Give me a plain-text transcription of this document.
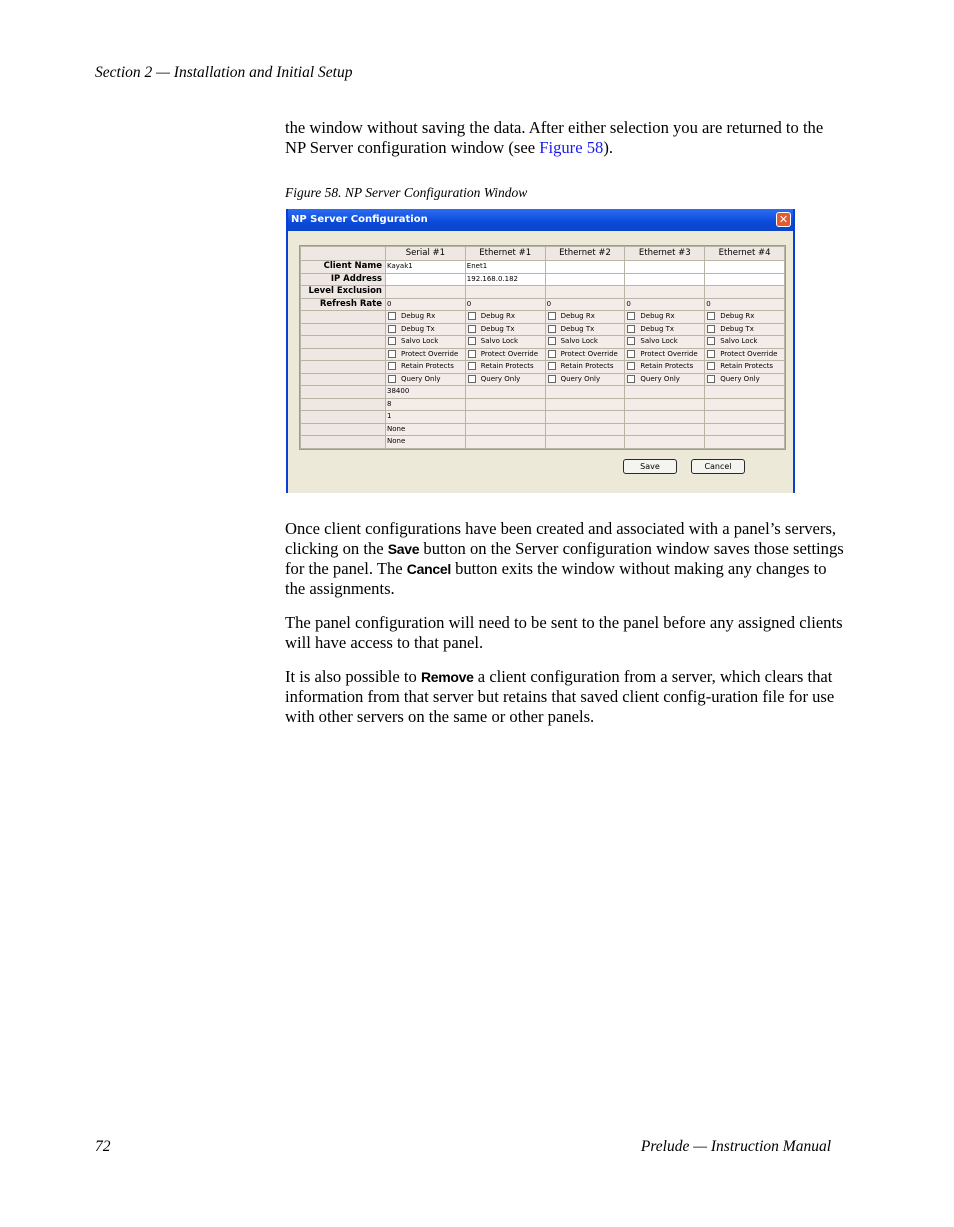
Section 2 — Installation and Initial Setup

the window without saving the data. After either selection you are returned to the NP Server configuration window (see Figure 58).

Figure 58. NP Server Configuration Window
NP Server Configuration	✕
	Serial #1	Ethernet #1	Ethernet #2	Ethernet #3	Ethernet #4
Client Name	Kayak1	Enet1			
IP Address		192.168.0.182			
Level Exclusion					
Refresh Rate	0	0	0	0	0
	Debug Rx	Debug Rx	Debug Rx	Debug Rx	Debug Rx
	Debug Tx	Debug Tx	Debug Tx	Debug Tx	Debug Tx
	Salvo Lock	Salvo Lock	Salvo Lock	Salvo Lock	Salvo Lock
	Protect Override	Protect Override	Protect Override	Protect Override	Protect Override
	Retain Protects	Retain Protects	Retain Protects	Retain Protects	Retain Protects
	Query Only	Query Only	Query Only	Query Only	Query Only
	38400				
	8				
	1				
	None				
	None				
Save	Cancel

Once client configurations have been created and associated with a panel’s servers, clicking on the Save button on the Server configuration window saves those settings for the panel. The Cancel button exits the window without making any changes to the assignments.

The panel configuration will need to be sent to the panel before any assigned clients will have access to that panel.

It is also possible to Remove a client configuration from a server, which clears that information from that server but retains that saved client config-uration file for use with other servers on the same or other panels.

72	Prelude — Instruction Manual
